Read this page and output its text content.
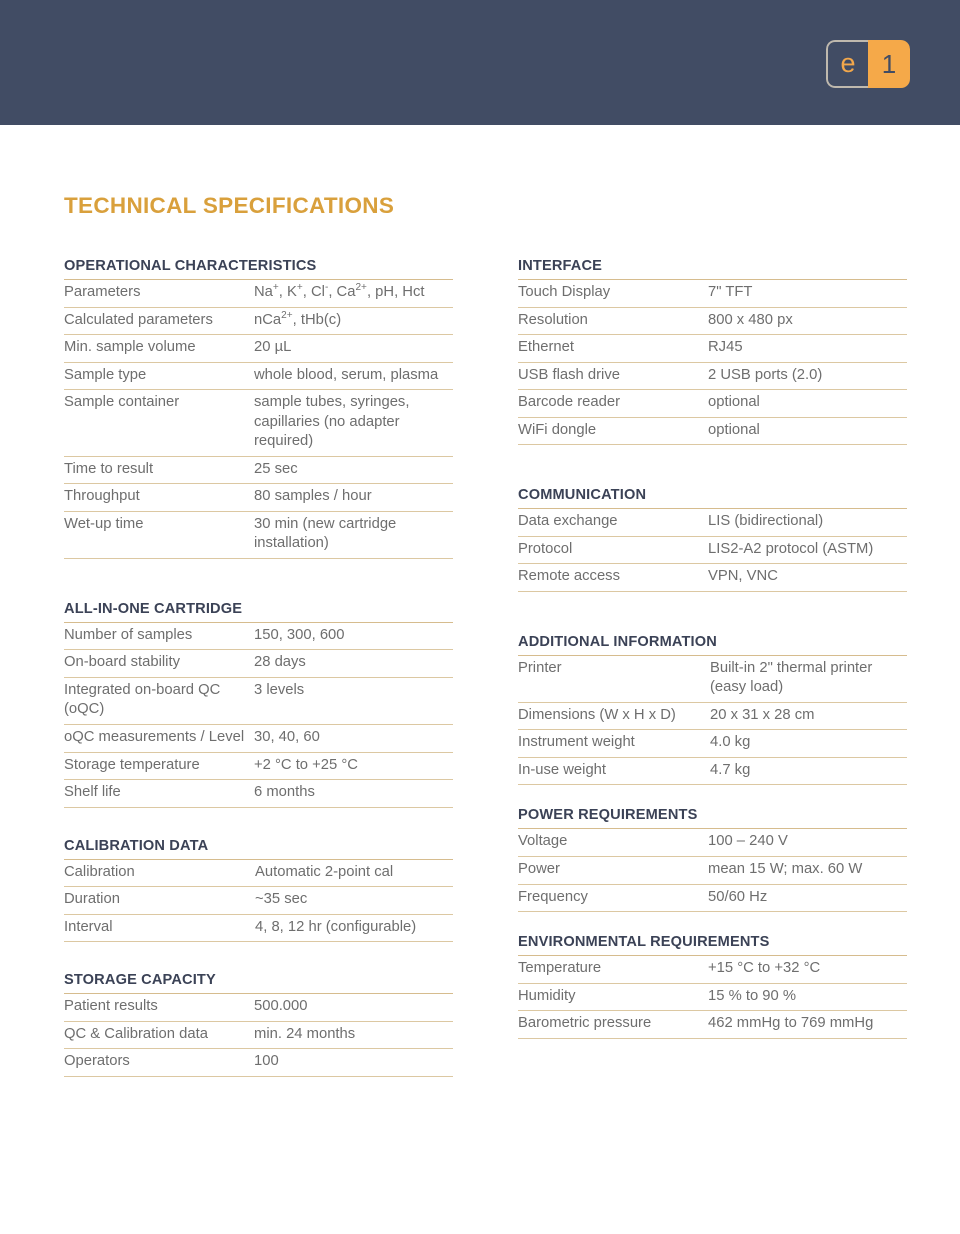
e	1
TECHNICAL SPECIFICATIONS
OPERATIONAL CHARACTERISTICS
Parameters	Na+, K+, Cl-, $Ca^{2+}$, pH, Hct
Calculated parameters	nCa$^{2+}$, tHb(c)
Min. sample volume	20 µL
Sample type	whole blood, serum, plasma
Sample container	sample tubes, syringes, capillaries (no adapter required)
Time to result	25 sec
Throughput	80 samples / hour
Wet-up time	30 min (new cartridge installation)
ALL-IN-ONE CARTRIDGE
Number of samples	150, 300, 600
On-board stability	28 days
Integrated on-board QC (oQC)	3 levels
oQC measurements / Level	30, 40, 60
Storage temperature	+2 °C to +25 °C
Shelf life	6 months
CALIBRATION DATA
Calibration	Automatic 2-point cal
Duration	~35 sec
Interval	4, 8, 12 hr (configurable)
STORAGE CAPACITY
Patient results	500.000
QC & Calibration data	min. 24 months
Operators	100
INTERFACE
Touch Display	7" TFT
Resolution	800 x 480 px
Ethernet	RJ45
USB flash drive	2 USB ports (2.0)
Barcode reader	optional
WiFi dongle	optional
COMMUNICATION
Data exchange	LIS (bidirectional)
Protocol	LIS2-A2 protocol (ASTM)
Remote access	VPN, VNC
ADDITIONAL INFORMATION
Printer	Built-in 2" thermal printer (easy load)
Dimensions (W x H x D)	20 x 31 x 28 cm
Instrument weight	4.0 kg
In-use weight	4.7 kg
POWER REQUIREMENTS
Voltage	100 – 240 V
Power	mean 15 W; max. 60 W
Frequency	50/60 Hz
ENVIRONMENTAL REQUIREMENTS
Temperature	+15 °C to +32 °C
Humidity	15 % to 90 %
Barometric pressure	462 mmHg to 769 mmHg
